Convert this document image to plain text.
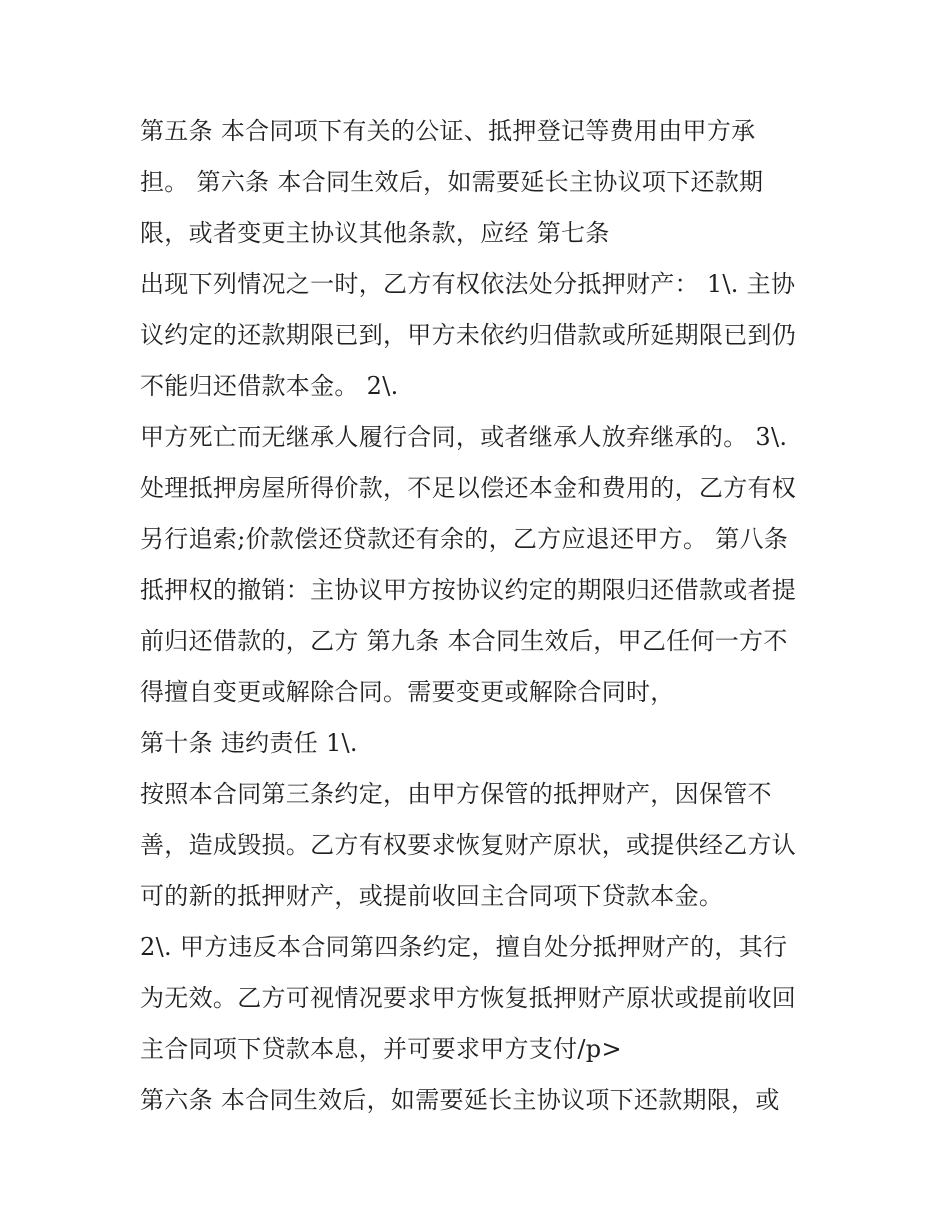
第五条 本合同项下有关的公证、抵押登记等费用由甲方承
担。 第六条 本合同生效后，如需要延长主协议项下还款期
限，或者变更主协议其他条款，应经 第七条
出现下列情况之一时，乙方有权依法处分抵押财产： 1\. 主协
议约定的还款期限已到，甲方未依约归借款或所延期限已到仍
不能归还借款本金。 2\.
甲方死亡而无继承人履行合同，或者继承人放弃继承的。 3\.
处理抵押房屋所得价款，不足以偿还本金和费用的，乙方有权
另行追索;价款偿还贷款还有余的，乙方应退还甲方。 第八条
抵押权的撤销：主协议甲方按协议约定的期限归还借款或者提
前归还借款的，乙方 第九条 本合同生效后，甲乙任何一方不
得擅自变更或解除合同。需要变更或解除合同时，
第十条 违约责任 1\.
按照本合同第三条约定，由甲方保管的抵押财产，因保管不
善，造成毁损。乙方有权要求恢复财产原状，或提供经乙方认
可的新的抵押财产，或提前收回主合同项下贷款本金。
2\. 甲方违反本合同第四条约定，擅自处分抵押财产的，其行
为无效。乙方可视情况要求甲方恢复抵押财产原状或提前收回
主合同项下贷款本息，并可要求甲方支付/p>
第六条 本合同生效后，如需要延长主协议项下还款期限，或
